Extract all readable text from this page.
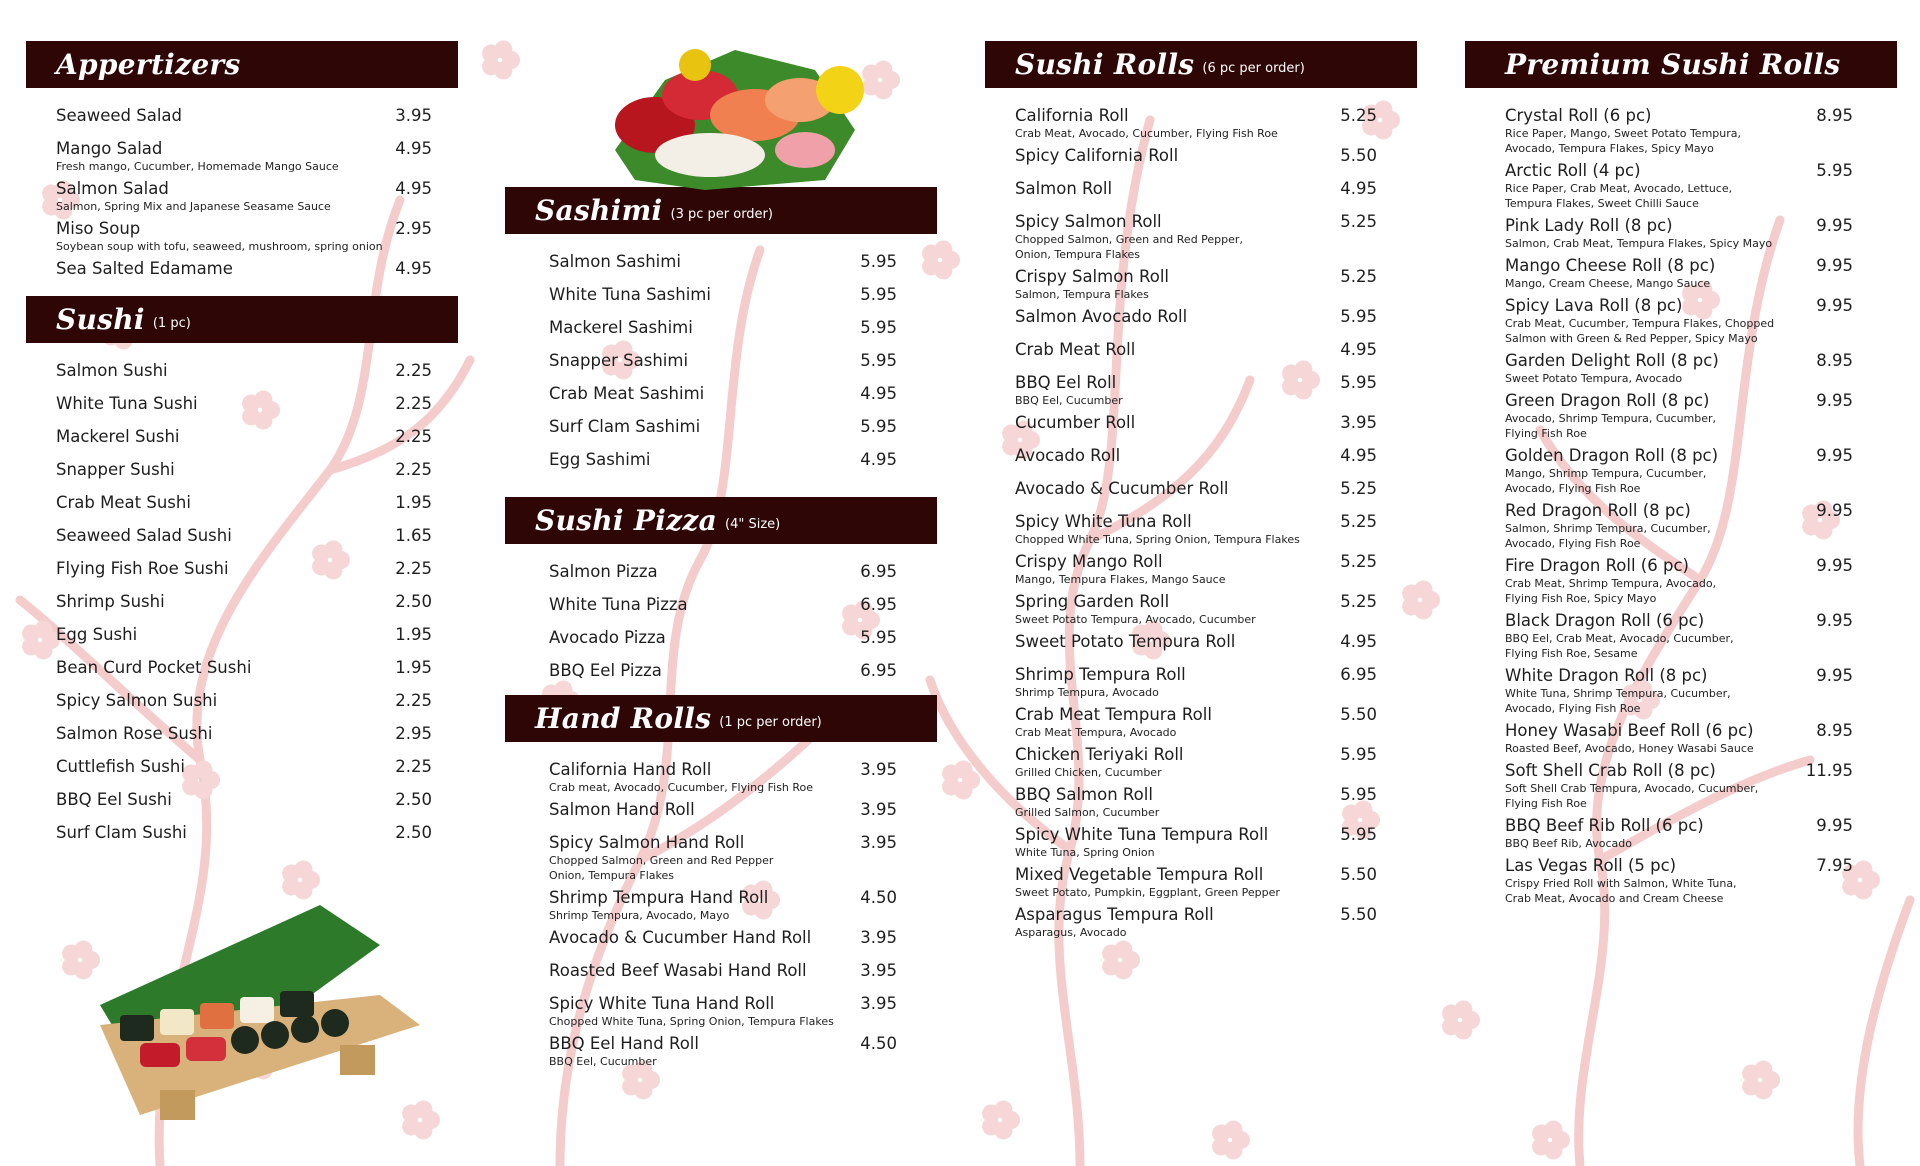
Appertizers
Seaweed Salad	3.95
Mango Salad	4.95
Fresh mango, Cucumber, Homemade Mango Sauce
Salmon Salad	4.95
Salmon, Spring Mix and Japanese Seasame Sauce
Miso Soup	2.95
Soybean soup with tofu, seaweed, mushroom, spring onion
Sea Salted Edamame	4.95
Sushi (1 pc)
Salmon Sushi	2.25
White Tuna Sushi	2.25
Mackerel Sushi	2.25
Snapper Sushi	2.25
Crab Meat Sushi	1.95
Seaweed Salad Sushi	1.65
Flying Fish Roe Sushi	2.25
Shrimp Sushi	2.50
Egg Sushi	1.95
Bean Curd Pocket Sushi	1.95
Spicy Salmon Sushi	2.25
Salmon Rose Sushi	2.95
Cuttlefish Sushi	2.25
BBQ Eel Sushi	2.50
Surf Clam Sushi	2.50
Sashimi (3 pc per order)
Salmon Sashimi	5.95
White Tuna Sashimi	5.95
Mackerel Sashimi	5.95
Snapper Sashimi	5.95
Crab Meat Sashimi	4.95
Surf Clam Sashimi	5.95
Egg Sashimi	4.95
Sushi Pizza (4" Size)
Salmon Pizza	6.95
White Tuna Pizza	6.95
Avocado Pizza	5.95
BBQ Eel Pizza	6.95
Hand Rolls (1 pc per order)
California Hand Roll	3.95
Crab meat, Avocado, Cucumber, Flying Fish Roe
Salmon Hand Roll	3.95
Spicy Salmon Hand Roll	3.95
Chopped Salmon, Green and Red Pepper
Onion, Tempura Flakes
Shrimp Tempura Hand Roll	4.50
Shrimp Tempura, Avocado, Mayo
Avocado & Cucumber Hand Roll	3.95
Roasted Beef Wasabi Hand Roll	3.95
Spicy White Tuna Hand Roll	3.95
Chopped White Tuna, Spring Onion, Tempura Flakes
BBQ Eel Hand Roll	4.50
BBQ Eel, Cucumber
Sushi Rolls (6 pc per order)
California Roll	5.25
Crab Meat, Avocado, Cucumber, Flying Fish Roe
Spicy California Roll	5.50
Salmon Roll	4.95
Spicy Salmon Roll	5.25
Chopped Salmon, Green and Red Pepper,
Onion, Tempura Flakes
Crispy Salmon Roll	5.25
Salmon, Tempura Flakes
Salmon Avocado Roll	5.95
Crab Meat Roll	4.95
BBQ Eel Roll	5.95
BBQ Eel, Cucumber
Cucumber Roll	3.95
Avocado Roll	4.95
Avocado & Cucumber Roll	5.25
Spicy White Tuna Roll	5.25
Chopped White Tuna, Spring Onion, Tempura Flakes
Crispy Mango Roll	5.25
Mango, Tempura Flakes, Mango Sauce
Spring Garden Roll	5.25
Sweet Potato Tempura, Avocado, Cucumber
Sweet Potato Tempura Roll	4.95
Shrimp Tempura Roll	6.95
Shrimp Tempura, Avocado
Crab Meat Tempura Roll	5.50
Crab Meat Tempura, Avocado
Chicken Teriyaki Roll	5.95
Grilled Chicken, Cucumber
BBQ Salmon Roll	5.95
Grilled Salmon, Cucumber
Spicy White Tuna Tempura Roll	5.95
White Tuna, Spring Onion
Mixed Vegetable Tempura Roll	5.50
Sweet Potato, Pumpkin, Eggplant, Green Pepper
Asparagus Tempura Roll	5.50
Asparagus, Avocado
Premium Sushi Rolls
Crystal Roll (6 pc)	8.95
Rice Paper, Mango, Sweet Potato Tempura,
Avocado, Tempura Flakes, Spicy Mayo
Arctic Roll (4 pc)	5.95
Rice Paper, Crab Meat, Avocado, Lettuce,
Tempura Flakes, Sweet Chilli Sauce
Pink Lady Roll (8 pc)	9.95
Salmon, Crab Meat, Tempura Flakes, Spicy Mayo
Mango Cheese Roll (8 pc)	9.95
Mango, Cream Cheese, Mango Sauce
Spicy Lava Roll (8 pc)	9.95
Crab Meat, Cucumber, Tempura Flakes, Chopped
Salmon with Green & Red Pepper, Spicy Mayo
Garden Delight Roll (8 pc)	8.95
Sweet Potato Tempura, Avocado
Green Dragon Roll (8 pc)	9.95
Avocado, Shrimp Tempura, Cucumber,
Flying Fish Roe
Golden Dragon Roll (8 pc)	9.95
Mango, Shrimp Tempura, Cucumber,
Avocado, Flying Fish Roe
Red Dragon Roll (8 pc)	9.95
Salmon, Shrimp Tempura, Cucumber,
Avocado, Flying Fish Roe
Fire Dragon Roll (6 pc)	9.95
Crab Meat, Shrimp Tempura, Avocado,
Flying Fish Roe, Spicy Mayo
Black Dragon Roll (6 pc)	9.95
BBQ Eel, Crab Meat, Avocado, Cucumber,
Flying Fish Roe, Sesame
White Dragon Roll (8 pc)	9.95
White Tuna, Shrimp Tempura, Cucumber,
Avocado, Flying Fish Roe
Honey Wasabi Beef Roll (6 pc)	8.95
Roasted Beef, Avocado, Honey Wasabi Sauce
Soft Shell Crab Roll (8 pc)	11.95
Soft Shell Crab Tempura, Avocado, Cucumber,
Flying Fish Roe
BBQ Beef Rib Roll (6 pc)	9.95
BBQ Beef Rib, Avocado
Las Vegas Roll (5 pc)	7.95
Crispy Fried Roll with Salmon, White Tuna,
Crab Meat, Avocado and Cream Cheese
